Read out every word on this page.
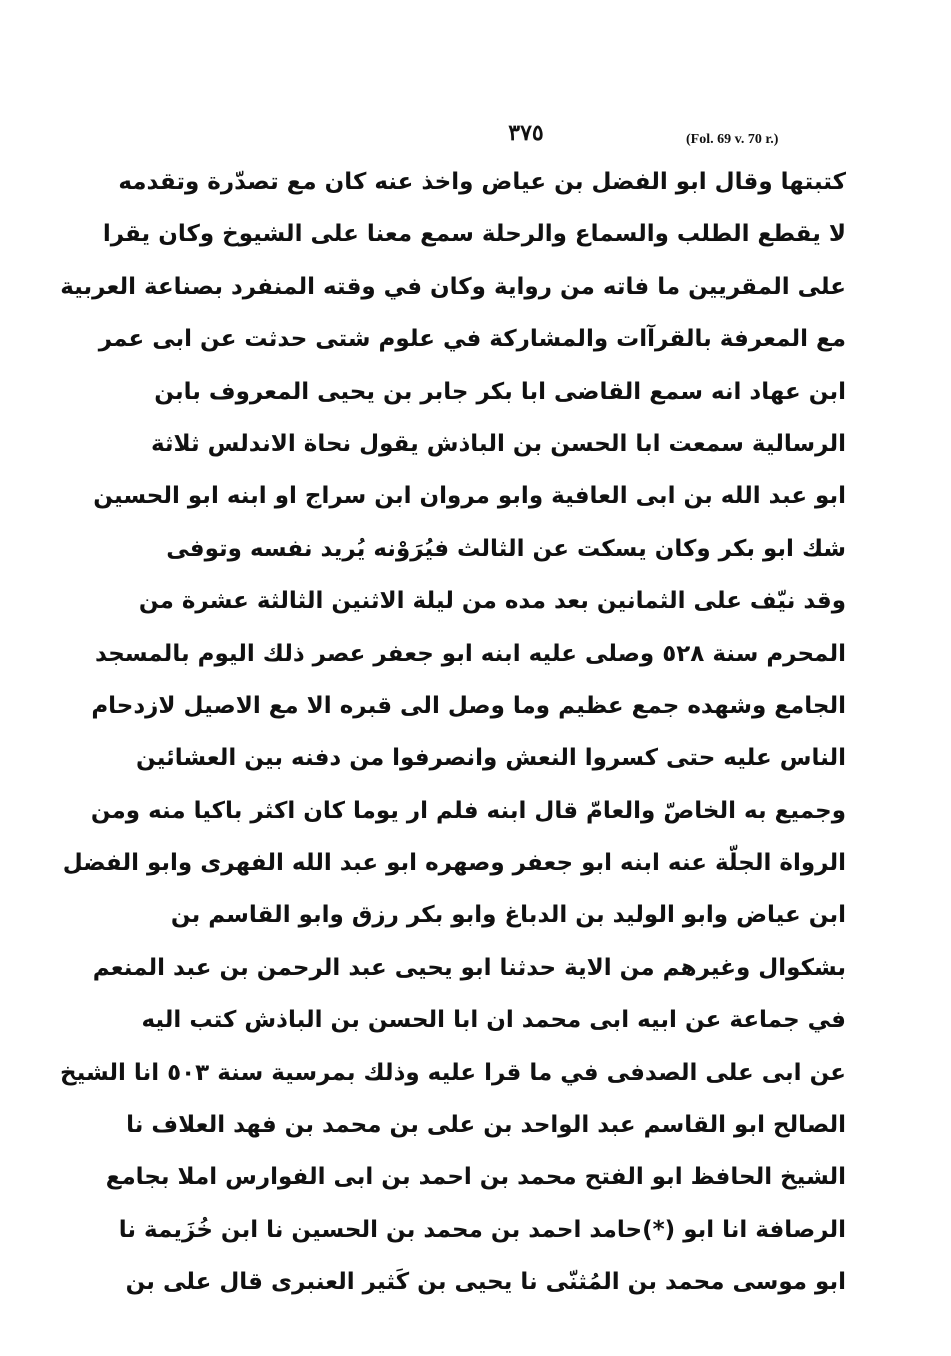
٣٧٥	(Fol. 69 v. 70 r.)
كتبتها وقال ابو الفضل بن عياض واخذ عنه كان مع تصدّرة وتقدمه
لا يقطع الطلب والسماع والرحلة سمع معنا على الشيوخ وكان يقرا
على المقريين ما فاته من رواية وكان في وقته المنفرد بصناعة العربية
مع المعرفة بالقرآات والمشاركة في علوم شتى حدثت عن ابى عمر
ابن عهاد انه سمع القاضى ابا بكر جابر بن يحيى المعروف بابن
الرسالية سمعت ابا الحسن بن الباذش يقول نحاة الاندلس ثلاثة
ابو عبد الله بن ابى العافية وابو مروان ابن سراج او ابنه ابو الحسين
شك ابو بكر وكان يسكت عن الثالث فيُرَوْنه يُريد نفسه وتوفى
وقد نيّف على الثمانين بعد مده من ليلة الاثنين الثالثة عشرة من
المحرم سنة ٥٢٨ وصلى عليه ابنه ابو جعفر عصر ذلك اليوم بالمسجد
الجامع وشهده جمع عظيم وما وصل الى قبره الا مع الاصيل لازدحام
الناس عليه حتى كسروا النعش وانصرفوا من دفنه بين العشائين
وجميع به الخاصّ والعامّ قال ابنه فلم ار يوما كان اكثر باكيا منه ومن
الرواة الجلّة عنه ابنه ابو جعفر وصهره ابو عبد الله الفهرى وابو الفضل
ابن عياض وابو الوليد بن الدباغ وابو بكر رزق وابو القاسم بن
بشكوال وغيرهم من الاية حدثنا ابو يحيى عبد الرحمن بن عبد المنعم
في جماعة عن ابيه ابى محمد ان ابا الحسن بن الباذش كتب اليه
عن ابى على الصدفى في ما قرا عليه وذلك بمرسية سنة ٥٠٣ انا الشيخ
الصالح ابو القاسم عبد الواحد بن على بن محمد بن فهد العلاف نا
الشيخ الحافظ ابو الفتح محمد بن احمد بن ابى الفوارس املا بجامع
الرصافة انا ابو (*)حامد احمد بن محمد بن الحسين نا ابن خُزَيمة نا
ابو موسى محمد بن المُثنّى نا يحيى بن كَثير العنبرى قال على بن
